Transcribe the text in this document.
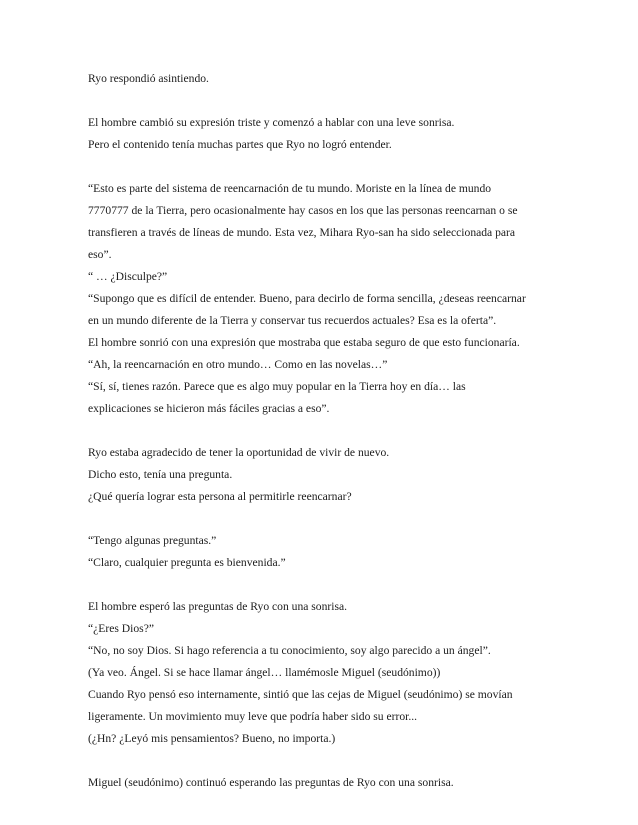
Ryo respondió asintiendo.
El hombre cambió su expresión triste y comenzó a hablar con una leve sonrisa.
Pero el contenido tenía muchas partes que Ryo no logró entender.
“Esto es parte del sistema de reencarnación de tu mundo. Moriste en la línea de mundo
7770777 de la Tierra, pero ocasionalmente hay casos en los que las personas reencarnan o se
transfieren a través de líneas de mundo. Esta vez, Mihara Ryo-san ha sido seleccionada para
eso”.
“ … ¿Disculpe?”
“Supongo que es difícil de entender. Bueno, para decirlo de forma sencilla, ¿deseas reencarnar
en un mundo diferente de la Tierra y conservar tus recuerdos actuales? Esa es la oferta”.
El hombre sonrió con una expresión que mostraba que estaba seguro de que esto funcionaría.
“Ah, la reencarnación en otro mundo… Como en las novelas…”
“Sí, sí, tienes razón. Parece que es algo muy popular en la Tierra hoy en día… las
explicaciones se hicieron más fáciles gracias a eso”.
Ryo estaba agradecido de tener la oportunidad de vivir de nuevo.
Dicho esto, tenía una pregunta.
¿Qué quería lograr esta persona al permitirle reencarnar?
“Tengo algunas preguntas.”
“Claro, cualquier pregunta es bienvenida.”
El hombre esperó las preguntas de Ryo con una sonrisa.
“¿Eres Dios?”
“No, no soy Dios. Si hago referencia a tu conocimiento, soy algo parecido a un ángel”.
(Ya veo. Ángel. Si se hace llamar ángel… llamémosle Miguel (seudónimo))
Cuando Ryo pensó eso internamente, sintió que las cejas de Miguel (seudónimo) se movían
ligeramente. Un movimiento muy leve que podría haber sido su error...
(¿Hn? ¿Leyó mis pensamientos? Bueno, no importa.)
Miguel (seudónimo) continuó esperando las preguntas de Ryo con una sonrisa.
